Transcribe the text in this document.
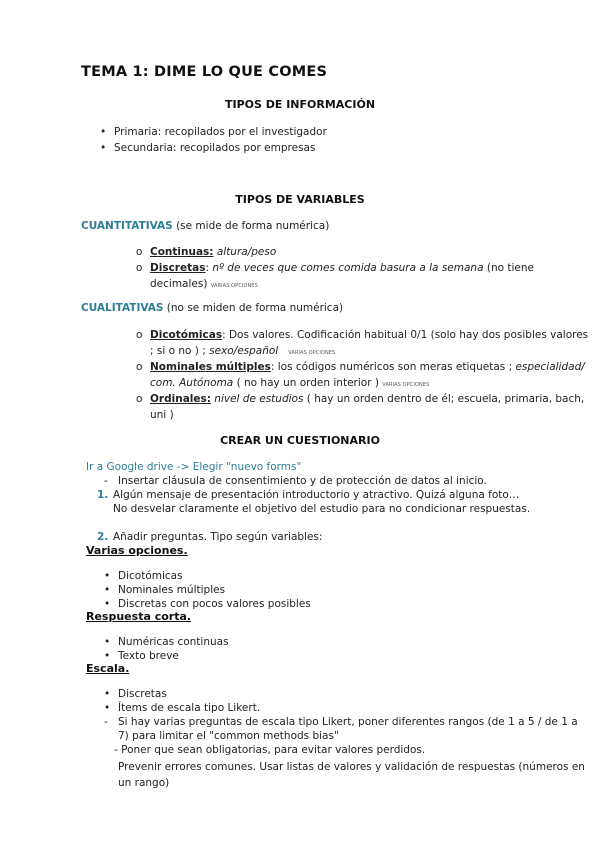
TEMA 1: DIME LO QUE COMES
TIPOS DE INFORMACIÓN
• Primaria: recopilados por el investigador
• Secundaria: recopilados por empresas
TIPOS DE VARIABLES
CUANTITATIVAS (se mide de forma numérica)
o Continuas: altura/peso
o Discretas: nº de veces que comes comida basura a la semana (no tiene
decimales) VARIAS OPCIONES
CUALITATIVAS (no se miden de forma numérica)
o Dicotómicas: Dos valores. Codificación habitual 0/1 (solo hay dos posibles valores
; si o no ) ; sexo/español VARIAS OPCIONES
o Nominales múltiples: los códigos numéricos son meras etiquetas ; especialidad/
com. Autónoma ( no hay un orden interior ) VARIAS OPCIONES
o Ordinales: nivel de estudios ( hay un orden dentro de él; escuela, primaria, bach,
uni )
CREAR UN CUESTIONARIO
Ir a Google drive -> Elegir "nuevo forms"
- Insertar cláusula de consentimiento y de protección de datos al inicio.
1. Algún mensaje de presentación introductorio y atractivo. Quizá alguna foto…
No desvelar claramente el objetivo del estudio para no condicionar respuestas.
2. Añadir preguntas. Tipo según variables:
Varias opciones.
• Dicotómicas
• Nominales múltiples
• Discretas con pocos valores posibles
Respuesta corta.
• Numéricas continuas
• Texto breve
Escala.
• Discretas
• Ítems de escala tipo Likert.
- Si hay varias preguntas de escala tipo Likert, poner diferentes rangos (de 1 a 5 / de 1 a
7) para limitar el "common methods bias"
- Poner que sean obligatorias, para evitar valores perdidos.
Prevenir errores comunes. Usar listas de valores y validación de respuestas (números en
un rango)
